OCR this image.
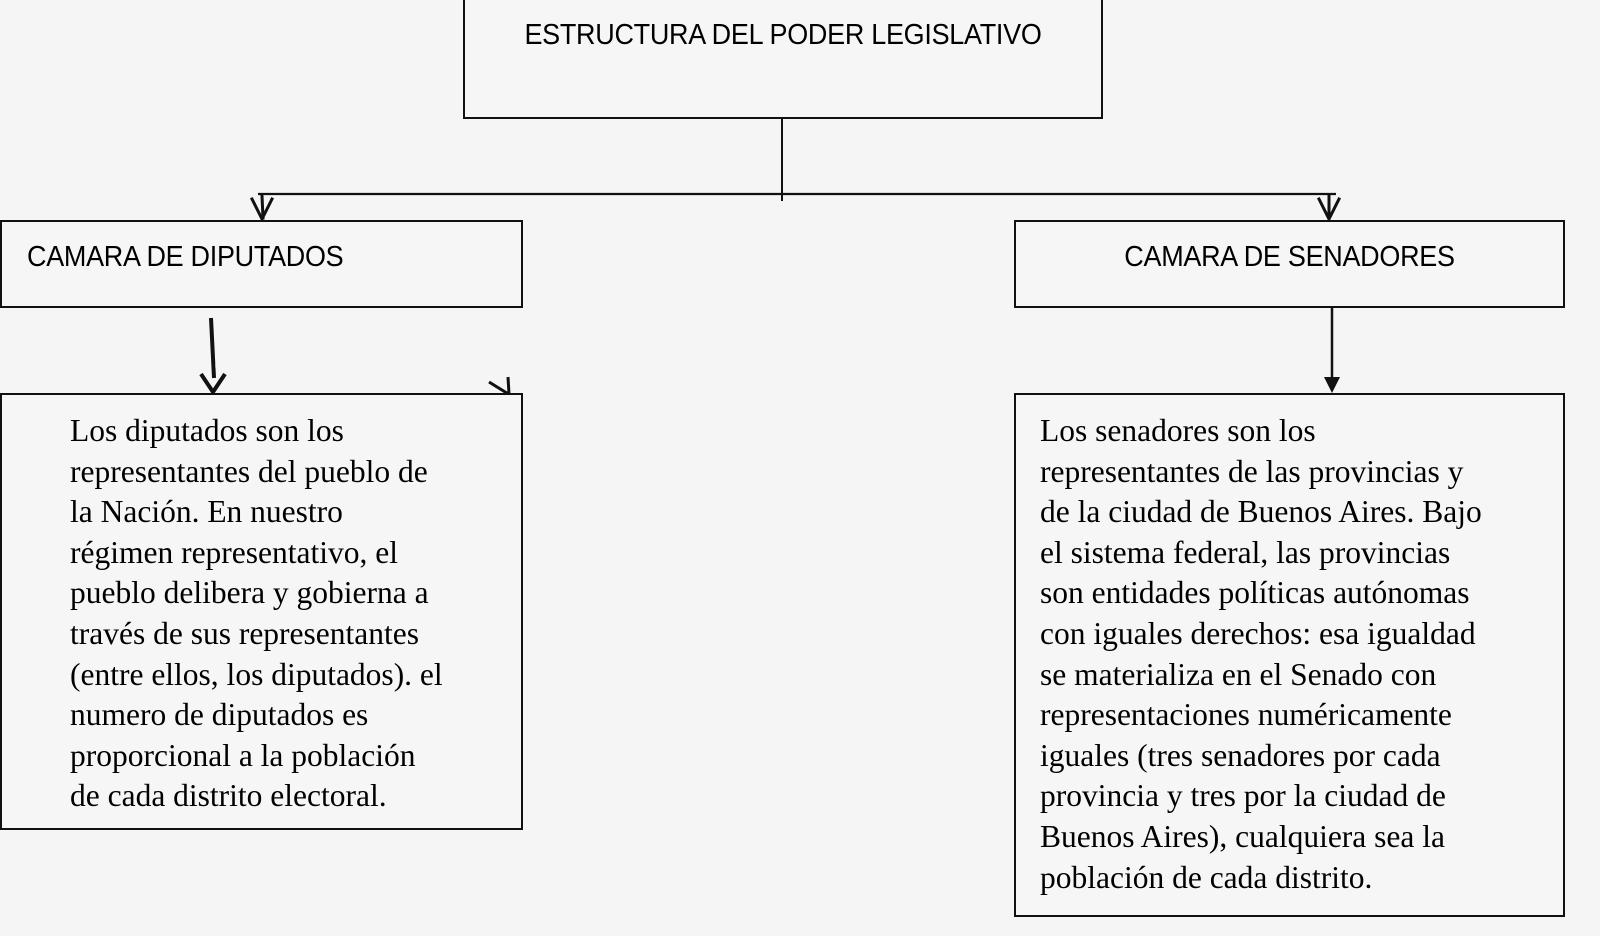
ESTRUCTURA DEL PODER LEGISLATIVO
CAMARA DE DIPUTADOS	CAMARA DE SENADORES

Los diputados son los
representantes del pueblo de
la Nación. En nuestro
régimen representativo, el
pueblo delibera y gobierna a
través de sus representantes
(entre ellos, los diputados). el
numero de diputados es
proporcional a la población
de cada distrito electoral.

Los senadores son los
representantes de las provincias y
de la ciudad de Buenos Aires. Bajo
el sistema federal, las provincias
son entidades políticas autónomas
con iguales derechos: esa igualdad
se materializa en el Senado con
representaciones numéricamente
iguales (tres senadores por cada
provincia y tres por la ciudad de
Buenos Aires), cualquiera sea la
población de cada distrito.
